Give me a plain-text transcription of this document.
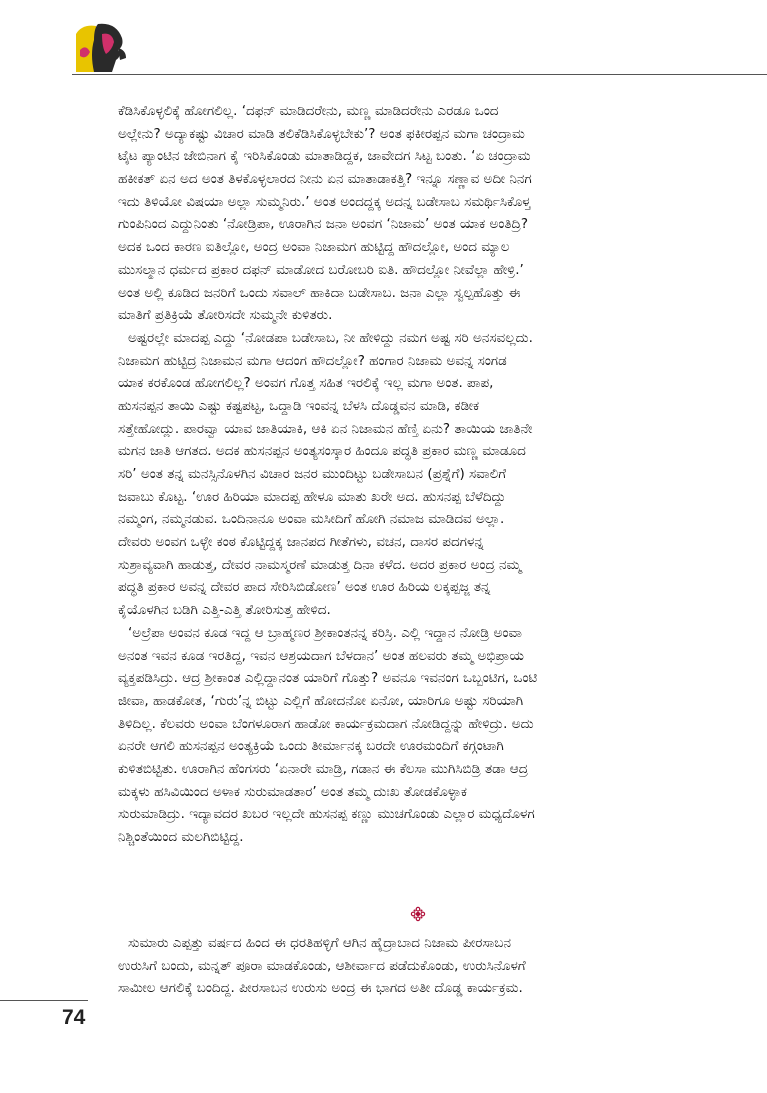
ಕೆಡಿಸಿಕೊಳ್ಳಲಿಕ್ಕೆ ಹೋಗಲಿಲ್ಲ. ‘ದಫನ್ ಮಾಡಿದರೇನು, ಮಣ್ಣ ಮಾಡಿದರೇನು ಎರಡೂ ಒಂದ
ಅಲ್ಲೇನು? ಅದ್ಯಾಕಷ್ಟು ವಿಚಾರ ಮಾಡಿ ತಲಿಕೆಡಿಸಿಕೊಳ್ಳಬೇಕು’? ಅಂತ ಫಕೀರಪ್ಪನ ಮಗಾ ಚಂದ್ರಾಮ
ಟೈಟ ಪ್ಯಾಂಟಿನ ಜೇಬಿನಾಗ ಕೈ ಇರಿಸಿಕೊಂಡು ಮಾತಾಡಿದ್ದಕ, ಜಾವೇದಗ ಸಿಟ್ಟ ಬಂತು. ‘ಏ ಚಂದ್ರಾಮ
ಹಕೀಕತ್ ಏನ ಅದ ಅಂತ ತಿಳಕೊಳ್ಳಲಾರದ ನೀನು ಏನ ಮಾತಾಡಾಕತ್ತಿ? ಇನ್ನೂ ಸಣ್ಣಾವ ಅದೀ ನಿನಗ
ಇದು ತಿಳಿಯೋ ವಿಷಯಾ ಅಲ್ಲಾ ಸುಮ್ಮನಿರು.’ ಅಂತ ಅಂದದ್ದಕ್ಕ ಅದನ್ನ ಬಡೇಸಾಬ ಸಮರ್ಥಿಸಿಕೊಳ್ತ
ಗುಂಪಿನಿಂದ ಎದ್ದುನಿಂತು ‘ನೋಡ್ರಿಪಾ, ಊರಾಗಿನ ಜನಾ ಅಂವಗ ‘ನಿಜಾಮ’ ಅಂತ ಯಾಕ ಅಂತಿದ್ರಿ?
ಅದಕ ಒಂದ ಕಾರಣ ಐತಿಲ್ಲೋ, ಅಂದ್ರ ಅಂವಾ ನಿಜಾಮಗ ಹುಟ್ಟಿದ್ದ ಹೌದಲ್ಲೋ, ಅಂದ ಮ್ಯಾಲ
ಮುಸಲ್ಮಾನ ಧರ್ಮದ ಪ್ರಕಾರ ದಫನ್ ಮಾಡೋದ ಬರೋಬರಿ ಐತಿ. ಹೌದಲ್ಲೋ ನೀವೆಲ್ಲಾ ಹೇಳ್ರಿ.’
ಅಂತ ಅಲ್ಲಿ ಕೂಡಿದ ಜನರಿಗೆ ಒಂದು ಸವಾಲ್ ಹಾಕಿದಾ ಬಡೇಸಾಬ. ಜನಾ ಎಲ್ಲಾ ಸ್ವಲ್ಪಹೊತ್ತು ಈ
ಮಾತಿಗೆ ಪ್ರತಿಕ್ರಿಯೆ ತೋರಿಸದೇ ಸುಮ್ಮನೇ ಕುಳಿತರು.
ಅಷ್ಟರಲ್ಲೇ ಮಾದಪ್ಪ ಎದ್ದು ‘ನೋಡಪಾ ಬಡೇಸಾಬ, ನೀ ಹೇಳಿದ್ದು ನಮಗ ಅಷ್ಟ ಸರಿ ಅನಸವಲ್ಲದು.
ನಿಜಾಮಗ ಹುಟ್ಟಿದ್ರ ನಿಜಾಮನ ಮಗಾ ಆದಂಗ ಹೌದಲ್ಲೋ? ಹಂಗಾರ ನಿಜಾಮ ಅವನ್ನ ಸಂಗಡ
ಯಾಕ ಕರಕೊಂಡ ಹೋಗಲಿಲ್ಲ? ಅಂವಗ ಗೊತ್ತ ಸಹಿತ ಇರಲಿಕ್ಕೆ ಇಲ್ಲ ಮಗಾ ಅಂತ. ಪಾಪ,
ಹುಸನಪ್ಪನ ತಾಯಿ ಎಷ್ಟು ಕಷ್ಟಪಟ್ಟ, ಒದ್ದಾಡಿ ಇಂವನ್ನ ಬೆಳಸಿ ದೊಡ್ಡವನ ಮಾಡಿ, ಕಡೀಕ
ಸತ್ತೇಹೋದ್ಲು. ಪಾರವ್ವಾ ಯಾವ ಜಾತಿಯಾಕಿ, ಆಕಿ ಏನ ನಿಜಾಮನ ಹೆಣ್ತಿ ಏನು? ತಾಯಿಯ ಜಾತಿನೇ
ಮಗನ ಜಾತಿ ಆಗತದ. ಅದಕ ಹುಸನಪ್ಪನ ಅಂತ್ಯಸಂಸ್ಕಾರ ಹಿಂದೂ ಪದ್ಧತಿ ಪ್ರಕಾರ ಮಣ್ಣ ಮಾಡೂದ
ಸರಿ’ ಅಂತ ತನ್ನ ಮನಸ್ಸಿನೊಳಗಿನ ವಿಚಾರ ಜನರ ಮುಂದಿಟ್ಟು ಬಡೇಸಾಬನ (ಪ್ರಶ್ನೆಗೆ) ಸವಾಲಿಗೆ
ಜವಾಬು ಕೊಟ್ಟ. ‘ಊರ ಹಿರಿಯಾ ಮಾದಪ್ಪ ಹೇಳೂ ಮಾತು ಖರೇ ಅದ. ಹುಸನಪ್ಪ ಬೆಳೆದಿದ್ದು
ನಮ್ಮಂಗ, ನಮ್ಮನಡುವ. ಒಂದಿನಾನೂ ಅಂವಾ ಮಸೀದಿಗೆ ಹೋಗಿ ನಮಾಜ ಮಾಡಿದವ ಅಲ್ಲಾ.
ದೇವರು ಅಂವಗ ಒಳ್ಳೇ ಕಂಠ ಕೊಟ್ಟಿದ್ದಕ್ಕ ಜಾನಪದ ಗೀತೆಗಳು, ವಚನ, ದಾಸರ ಪದಗಳನ್ನ
ಸುಶ್ರಾವ್ಯವಾಗಿ ಹಾಡುತ್ತ, ದೇವರ ನಾಮಸ್ಮರಣೆ ಮಾಡುತ್ತ ದಿನಾ ಕಳೆದ. ಅದರ ಪ್ರಕಾರ ಅಂದ್ರ ನಮ್ಮ
ಪದ್ಧತಿ ಪ್ರಕಾರ ಅವನ್ನ ದೇವರ ಪಾದ ಸೇರಿಸಿಬಿಡೋಣ’ ಅಂತ ಊರ ಹಿರಿಯ ಲಕ್ಕಪ್ಪಜ್ಜ ತನ್ನ
ಕೈಯೊಳಗಿನ ಬಡಿಗಿ ಎತ್ತಿ-ಎತ್ತಿ ತೋರಿಸುತ್ತ ಹೇಳಿದ.
‘ಅಲ್ರೆಪಾ ಅಂವನ ಕೂಡ ಇದ್ದ ಆ ಬ್ರಾಹ್ಮಣರ ಶ್ರೀಕಾಂತನನ್ನ ಕರಿಸ್ರಿ. ಎಲ್ಲಿ ಇದ್ದಾನ ನೋಡ್ರಿ ಅಂವಾ
ಅನಂತ ಇವನ ಕೂಡ ಇರತಿದ್ದ, ಇವನ ಆಶ್ರಯದಾಗ ಬೆಳದಾನ’ ಅಂತ ಹಲವರು ತಮ್ಮ ಅಭಿಪ್ರಾಯ
ವ್ಯಕ್ತಪಡಿಸಿದ್ರು. ಆದ್ರ ಶ್ರೀಕಾಂತ ಎಲ್ಲಿದ್ದಾನಂತ ಯಾರಿಗೆ ಗೊತ್ತು? ಅವನೂ ಇವನಂಗ ಒಬ್ಬಂಟಿಗ, ಒಂಟಿ
ಜೀವಾ, ಹಾಡಕೋತ, ‘ಗುರು’ನ್ನ ಬಿಟ್ಟು ಎಲ್ಲಿಗೆ ಹೋದನೋ ಏನೋ, ಯಾರಿಗೂ ಅಷ್ಟು ಸರಿಯಾಗಿ
ತಿಳಿದಿಲ್ಲ. ಕೆಲವರು ಅಂವಾ ಬೆಂಗಳೂರಾಗ ಹಾಡೋ ಕಾರ್ಯಕ್ರಮದಾಗ ನೋಡಿದ್ದನ್ನು ಹೇಳಿದ್ರು. ಅದು
ಏನರೇ ಆಗಲಿ ಹುಸನಪ್ಪನ ಅಂತ್ಯಕ್ರಿಯೆ ಒಂದು ತೀರ್ಮಾನಕ್ಕ ಬರದೇ ಊರಮಂದಿಗೆ ಕಗ್ಗಂಟಾಗಿ
ಕುಳಿತಬಿಟ್ಟಿತು. ಊರಾಗಿನ ಹೆಂಗಸರು ‘ಏನಾರೇ ಮಾಡ್ರಿ, ಗಡಾನ ಈ ಕೆಲಸಾ ಮುಗಿಸಿಬಿಡ್ರಿ ತಡಾ ಆದ್ರ
ಮಕ್ಕಳು ಹಸಿವಿಯಿಂದ ಅಳಾಕ ಸುರುಮಾಡತಾರ’ ಅಂತ ತಮ್ಮ ದುಃಖ ತೋಡಕೊಳ್ಳಾಕ
ಸುರುಮಾಡಿದ್ರು. ಇದ್ಯಾವದರ ಖಬರ ಇಲ್ಲದೇ ಹುಸನಪ್ಪ ಕಣ್ಣು ಮುಚಗೊಂಡು ಎಲ್ಲಾರ ಮಧ್ಯದೊಳಗ
ನಿಶ್ಚಿಂತೆಯಿಂದ ಮಲಗಿಬಿಟ್ಟಿದ್ದ.
ಸುಮಾರು ಎಪ್ಪತ್ತು ವರ್ಷದ ಹಿಂದ ಈ ಧರತಿಹಳ್ಳಿಗೆ ಆಗಿನ ಹೈದ್ರಾಬಾದ ನಿಜಾಮ ಪೀರಸಾಬನ
ಉರುಸಿಗೆ ಬಂದು, ಮನ್ನತ್ ಪೂರಾ ಮಾಡಕೊಂಡು, ಆಶೀರ್ವಾದ ಪಡೆದುಕೊಂಡು, ಉರುಸಿನೊಳಗೆ
ಸಾಮೀಲ ಆಗಲಿಕ್ಕೆ ಬಂದಿದ್ದ. ಪೀರಸಾಬನ ಉರುಸು ಅಂದ್ರ ಈ ಭಾಗದ ಅತೀ ದೊಡ್ಡ ಕಾರ್ಯಕ್ರಮ.
74
